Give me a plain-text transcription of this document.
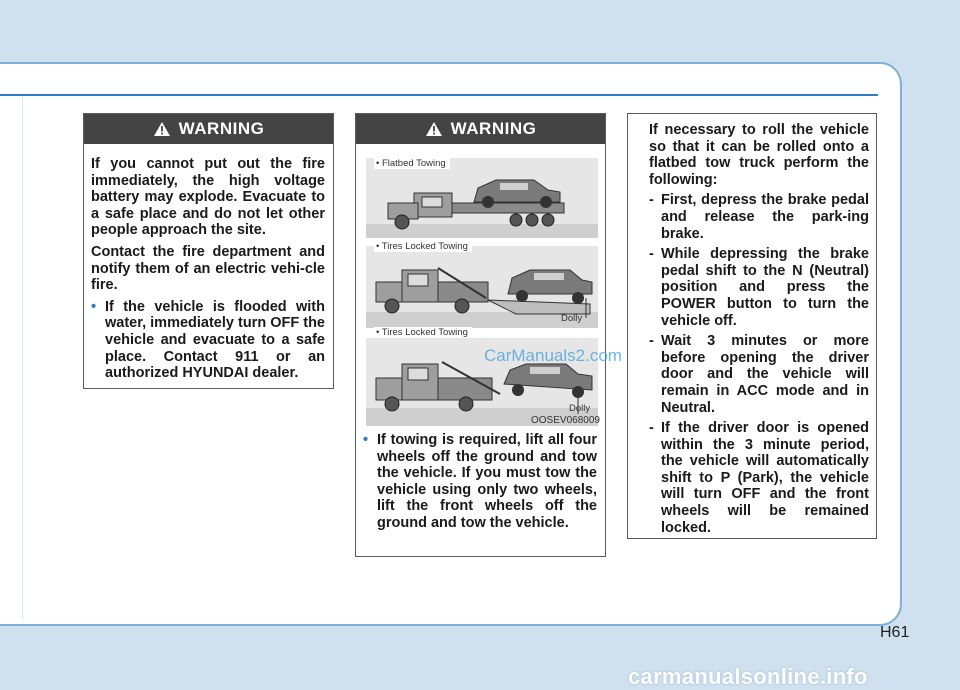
WARNING

If you cannot put out the fire immediately, the high voltage battery may explode. Evacuate to a safe place and do not let other people approach the site.

Contact the fire department and notify them of an electric vehi-cle fire.

• If the vehicle is flooded with water, immediately turn OFF the vehicle and evacuate to a safe place. Contact 911 or an authorized HYUNDAI dealer.
WARNING
• Flatbed Towing
• Tires Locked Towing
• Tires Locked Towing
Dolly
Dolly
OOSEV068009
• If towing is required, lift all four wheels off the ground and tow the vehicle. If you must tow the vehicle using only two wheels, lift the front wheels off the ground and tow the vehicle.

If necessary to roll the vehicle so that it can be rolled onto a flatbed tow truck perform the following:

- First, depress the brake pedal and release the park-ing brake.
- While depressing the brake pedal shift to the N (Neutral) position and press the POWER button to turn the vehicle off.
- Wait 3 minutes or more before opening the driver door and the vehicle will remain in ACC mode and in Neutral.
- If the driver door is opened within the 3 minute period, the vehicle will automatically shift to P (Park), the vehicle will turn OFF and the front wheels will be remained locked.
CarManuals2.com
H61
carmanualsonline.info
